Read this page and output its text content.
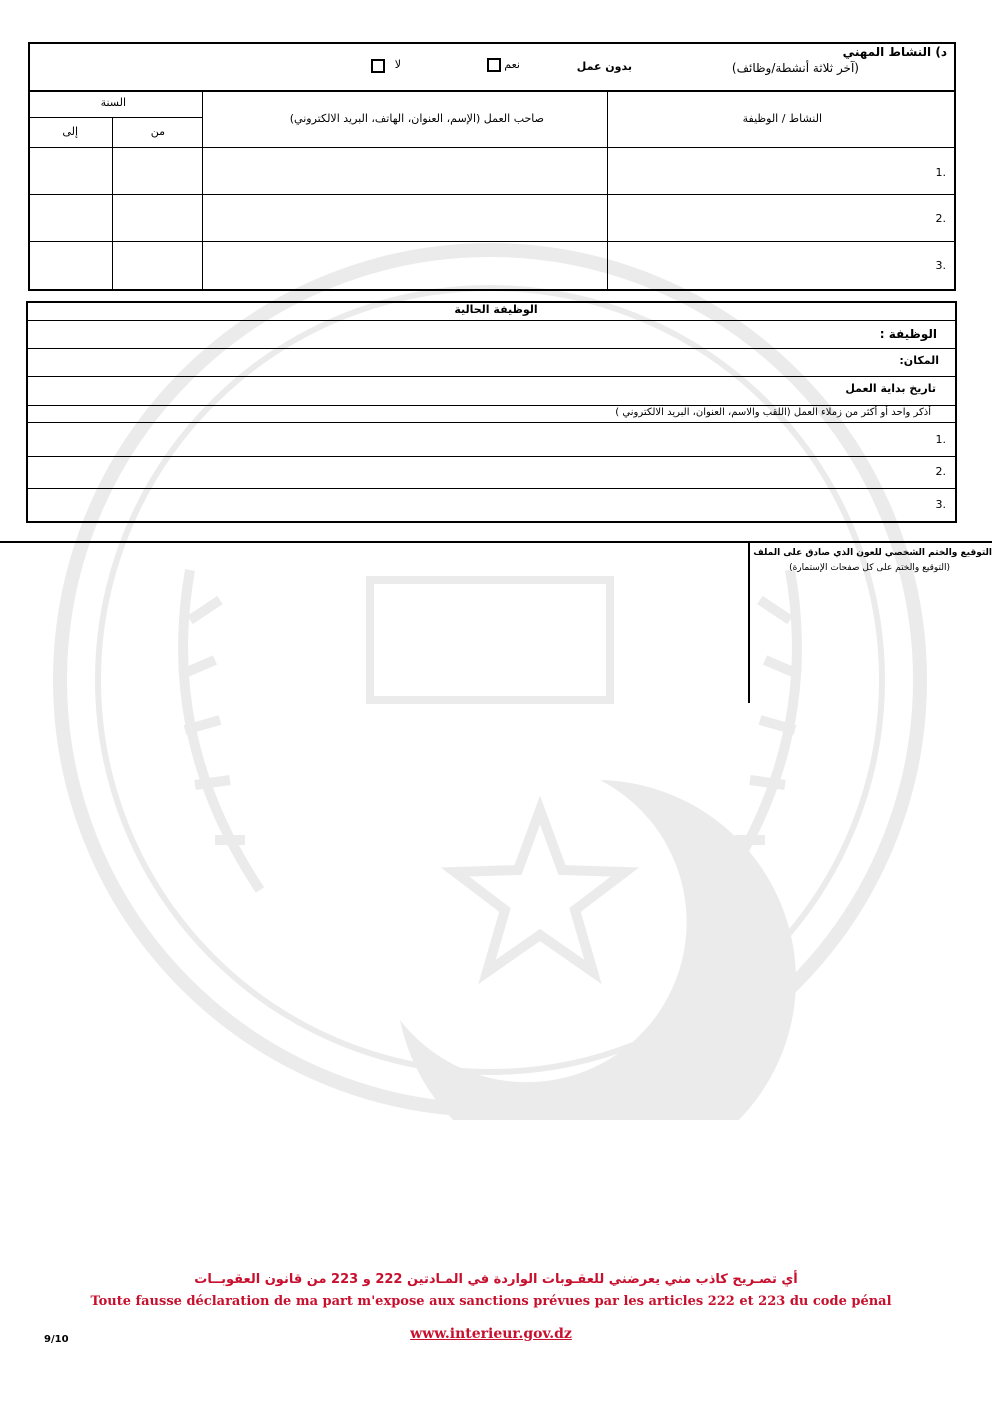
د) النشاط المهني
(آخر ثلاثة أنشطة/وظائف)
بدون عمل
نعم
لا
النشاط / الوظيفة
صاحب العمل (الإسم، العنوان، الهاتف، البريد الالكتروني)
السنة
من
إلى
1.
2.
3.
الوظيفة الحالية
الوظيفة :
المكان:
تاريخ بداية العمل
أذكر واحد أو أكثر من زملاء العمل (اللقب والاسم، العنوان، البريد الالكتروني )
1.
2.
3.
التوقيع والختم الشخصي للعون الذي صادق على الملف
(التوقيع والختم على كل صفحات الإستمارة)
أي تصـريح كاذب مني يعرضني للعقـوبات الواردة في المـادتين 222 و 223 من قانون العقوبــات
Toute fausse déclaration de ma part m'expose aux sanctions prévues par les articles 222 et 223 du code pénal
www.interieur.gov.dz
9/10
